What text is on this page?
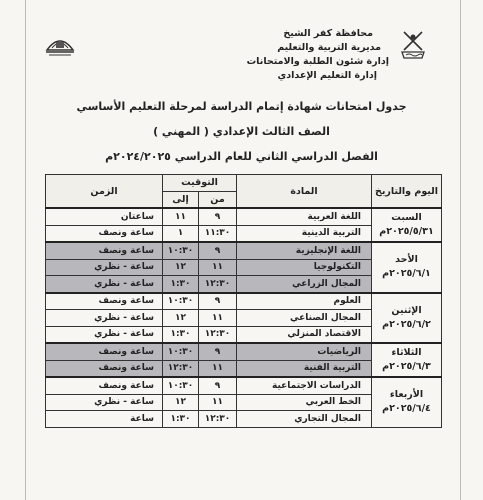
محافظة كفر الشيخ
مديرية التربية والتعليم
إدارة شئون الطلبة والامتحانات
إدارة التعليم الإعدادي
جدول امتحانات شهادة إتمام الدراسة لمرحلة التعليم الأساسي
الصف الثالث الإعدادي ( المهني )
الفصل الدراسي الثاني للعام الدراسي ٢٠٢٤/٢٠٢٥م
اليوم والتاريخ	المادة	التوقيت		الزمن
		من	إلى	

السبت
٢٠٢٥/٥/٣١م	اللغة العربية	٩	١١	ساعتان
	التربية الدينية	١١:٣٠	١	ساعة ونصف

الأحد
٢٠٢٥/٦/١م	اللغة الإنجليزية	٩	١٠:٣٠	ساعة ونصف
	التكنولوجيا	١١	١٢	ساعة - نظري
	المجال الزراعي	١٢:٣٠	١:٣٠	ساعة - نظري

الإثنين
٢٠٢٥/٦/٢م	العلوم	٩	١٠:٣٠	ساعة ونصف
	المجال الصناعي	١١	١٢	ساعة - نظري
	الاقتصاد المنزلي	١٢:٣٠	١:٣٠	ساعة - نظري

الثلاثاء
٢٠٢٥/٦/٣م	الرياضيات	٩	١٠:٣٠	ساعة ونصف
	التربية الفنية	١١	١٢:٣٠	ساعة ونصف

الأربعاء
٢٠٢٥/٦/٤م	الدراسات الاجتماعية	٩	١٠:٣٠	ساعة ونصف
	الخط العربي	١١	١٢	ساعة - نظري
	المجال التجاري	١٢:٣٠	١:٣٠	ساعة
